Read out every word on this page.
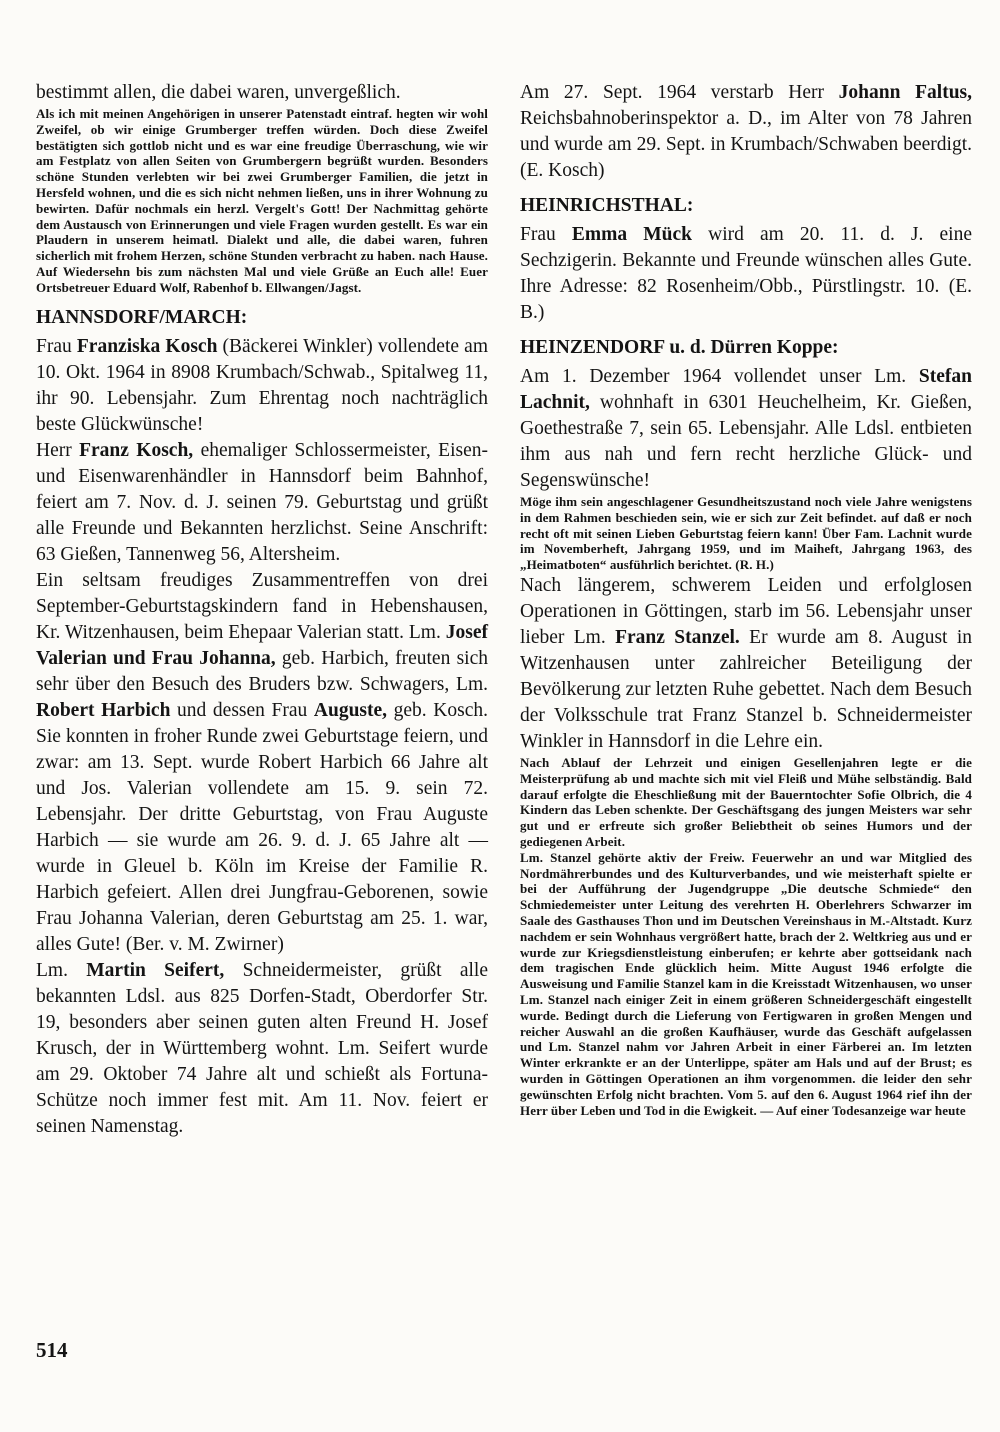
bestimmt allen, die dabei waren, unvergeßlich.

Als ich mit meinen Angehörigen in unserer Patenstadt eintraf. hegten wir wohl Zweifel, ob wir einige Grumberger treffen würden. Doch diese Zweifel bestätigten sich gottlob nicht und es war eine freudige Überraschung, wie wir am Festplatz von allen Seiten von Grumbergern begrüßt wurden. Besonders schöne Stunden verlebten wir bei zwei Grumberger Familien, die jetzt in Hersfeld wohnen, und die es sich nicht nehmen ließen, uns in ihrer Wohnung zu bewirten. Dafür nochmals ein herzl. Vergelt's Gott! Der Nachmittag gehörte dem Austausch von Erinnerungen und viele Fragen wurden gestellt. Es war ein Plaudern in unserem heimatl. Dialekt und alle, die dabei waren, fuhren sicherlich mit frohem Herzen, schöne Stunden verbracht zu haben. nach Hause. Auf Wiedersehn bis zum nächsten Mal und viele Grüße an Euch alle! Euer Ortsbetreuer Eduard Wolf, Rabenhof b. Ellwangen/Jagst.

HANNSDORF/MARCH:

Frau Franziska Kosch (Bäckerei Winkler) vollendete am 10. Okt. 1964 in 8908 Krumbach/Schwab., Spitalweg 11, ihr 90. Lebensjahr. Zum Ehrentag noch nachträglich beste Glückwünsche!

Herr Franz Kosch, ehemaliger Schlossermeister, Eisen- und Eisenwarenhändler in Hannsdorf beim Bahnhof, feiert am 7. Nov. d. J. seinen 79. Geburtstag und grüßt alle Freunde und Bekannten herzlichst. Seine Anschrift: 63 Gießen, Tannenweg 56, Altersheim.

Ein seltsam freudiges Zusammentreffen von drei September-Geburtstagskindern fand in Hebenshausen, Kr. Witzenhausen, beim Ehepaar Valerian statt. Lm. Josef Valerian und Frau Johanna, geb. Harbich, freuten sich sehr über den Besuch des Bruders bzw. Schwagers, Lm. Robert Harbich und dessen Frau Auguste, geb. Kosch. Sie konnten in froher Runde zwei Geburtstage feiern, und zwar: am 13. Sept. wurde Robert Harbich 66 Jahre alt und Jos. Valerian vollendete am 15. 9. sein 72. Lebensjahr. Der dritte Geburtstag, von Frau Auguste Harbich — sie wurde am 26. 9. d. J. 65 Jahre alt — wurde in Gleuel b. Köln im Kreise der Familie R. Harbich gefeiert. Allen drei Jungfrau-Geborenen, sowie Frau Johanna Valerian, deren Geburtstag am 25. 1. war, alles Gute! (Ber. v. M. Zwirner)

Lm. Martin Seifert, Schneidermeister, grüßt alle bekannten Ldsl. aus 825 Dorfen-Stadt, Oberdorfer Str. 19, besonders aber seinen guten alten Freund H. Josef Krusch, der in Württemberg wohnt. Lm. Seifert wurde am 29. Oktober 74 Jahre alt und schießt als Fortuna-Schütze noch immer fest mit. Am 11. Nov. feiert er seinen Namenstag.

Am 27. Sept. 1964 verstarb Herr Johann Faltus, Reichsbahnoberinspektor a. D., im Alter von 78 Jahren und wurde am 29. Sept. in Krumbach/Schwaben beerdigt. (E. Kosch)

HEINRICHSTHAL:

Frau Emma Mück wird am 20. 11. d. J. eine Sechzigerin. Bekannte und Freunde wünschen alles Gute. Ihre Adresse: 82 Rosenheim/Obb., Pürstlingstr. 10. (E. B.)

HEINZENDORF u. d. Dürren Koppe:

Am 1. Dezember 1964 vollendet unser Lm. Stefan Lachnit, wohnhaft in 6301 Heuchelheim, Kr. Gießen, Goethestraße 7, sein 65. Lebensjahr. Alle Ldsl. entbieten ihm aus nah und fern recht herzliche Glück- und Segenswünsche!

Möge ihm sein angeschlagener Gesundheitszustand noch viele Jahre wenigstens in dem Rahmen beschieden sein, wie er sich zur Zeit befindet. auf daß er noch recht oft mit seinen Lieben Geburtstag feiern kann! Über Fam. Lachnit wurde im Novemberheft, Jahrgang 1959, und im Maiheft, Jahrgang 1963, des „Heimatboten“ ausführlich berichtet. (R. H.)

Nach längerem, schwerem Leiden und erfolglosen Operationen in Göttingen, starb im 56. Lebensjahr unser lieber Lm. Franz Stanzel. Er wurde am 8. August in Witzenhausen unter zahlreicher Beteiligung der Bevölkerung zur letzten Ruhe gebettet. Nach dem Besuch der Volksschule trat Franz Stanzel b. Schneidermeister Winkler in Hannsdorf in die Lehre ein.

Nach Ablauf der Lehrzeit und einigen Gesellenjahren legte er die Meisterprüfung ab und machte sich mit viel Fleiß und Mühe selbständig. Bald darauf erfolgte die Eheschließung mit der Bauerntochter Sofie Olbrich, die 4 Kindern das Leben schenkte. Der Geschäftsgang des jungen Meisters war sehr gut und er erfreute sich großer Beliebtheit ob seines Humors und der gediegenen Arbeit.

Lm. Stanzel gehörte aktiv der Freiw. Feuerwehr an und war Mitglied des Nordmährerbundes und des Kulturverbandes, und wie meisterhaft spielte er bei der Aufführung der Jugendgruppe „Die deutsche Schmiede“ den Schmiedemeister unter Leitung des verehrten H. Oberlehrers Schwarzer im Saale des Gasthauses Thon und im Deutschen Vereinshaus in M.-Altstadt. Kurz nachdem er sein Wohnhaus vergrößert hatte, brach der 2. Weltkrieg aus und er wurde zur Kriegsdienstleistung einberufen; er kehrte aber gottseidank nach dem tragischen Ende glücklich heim. Mitte August 1946 erfolgte die Ausweisung und Familie Stanzel kam in die Kreisstadt Witzenhausen, wo unser Lm. Stanzel nach einiger Zeit in einem größeren Schneidergeschäft eingestellt wurde. Bedingt durch die Lieferung von Fertigwaren in großen Mengen und reicher Auswahl an die großen Kaufhäuser, wurde das Geschäft aufgelassen und Lm. Stanzel nahm vor Jahren Arbeit in einer Färberei an. Im letzten Winter erkrankte er an der Unterlippe, später am Hals und auf der Brust; es wurden in Göttingen Operationen an ihm vorgenommen. die leider den sehr gewünschten Erfolg nicht brachten. Vom 5. auf den 6. August 1964 rief ihn der Herr über Leben und Tod in die Ewigkeit. — Auf einer Todesanzeige war heute

514
